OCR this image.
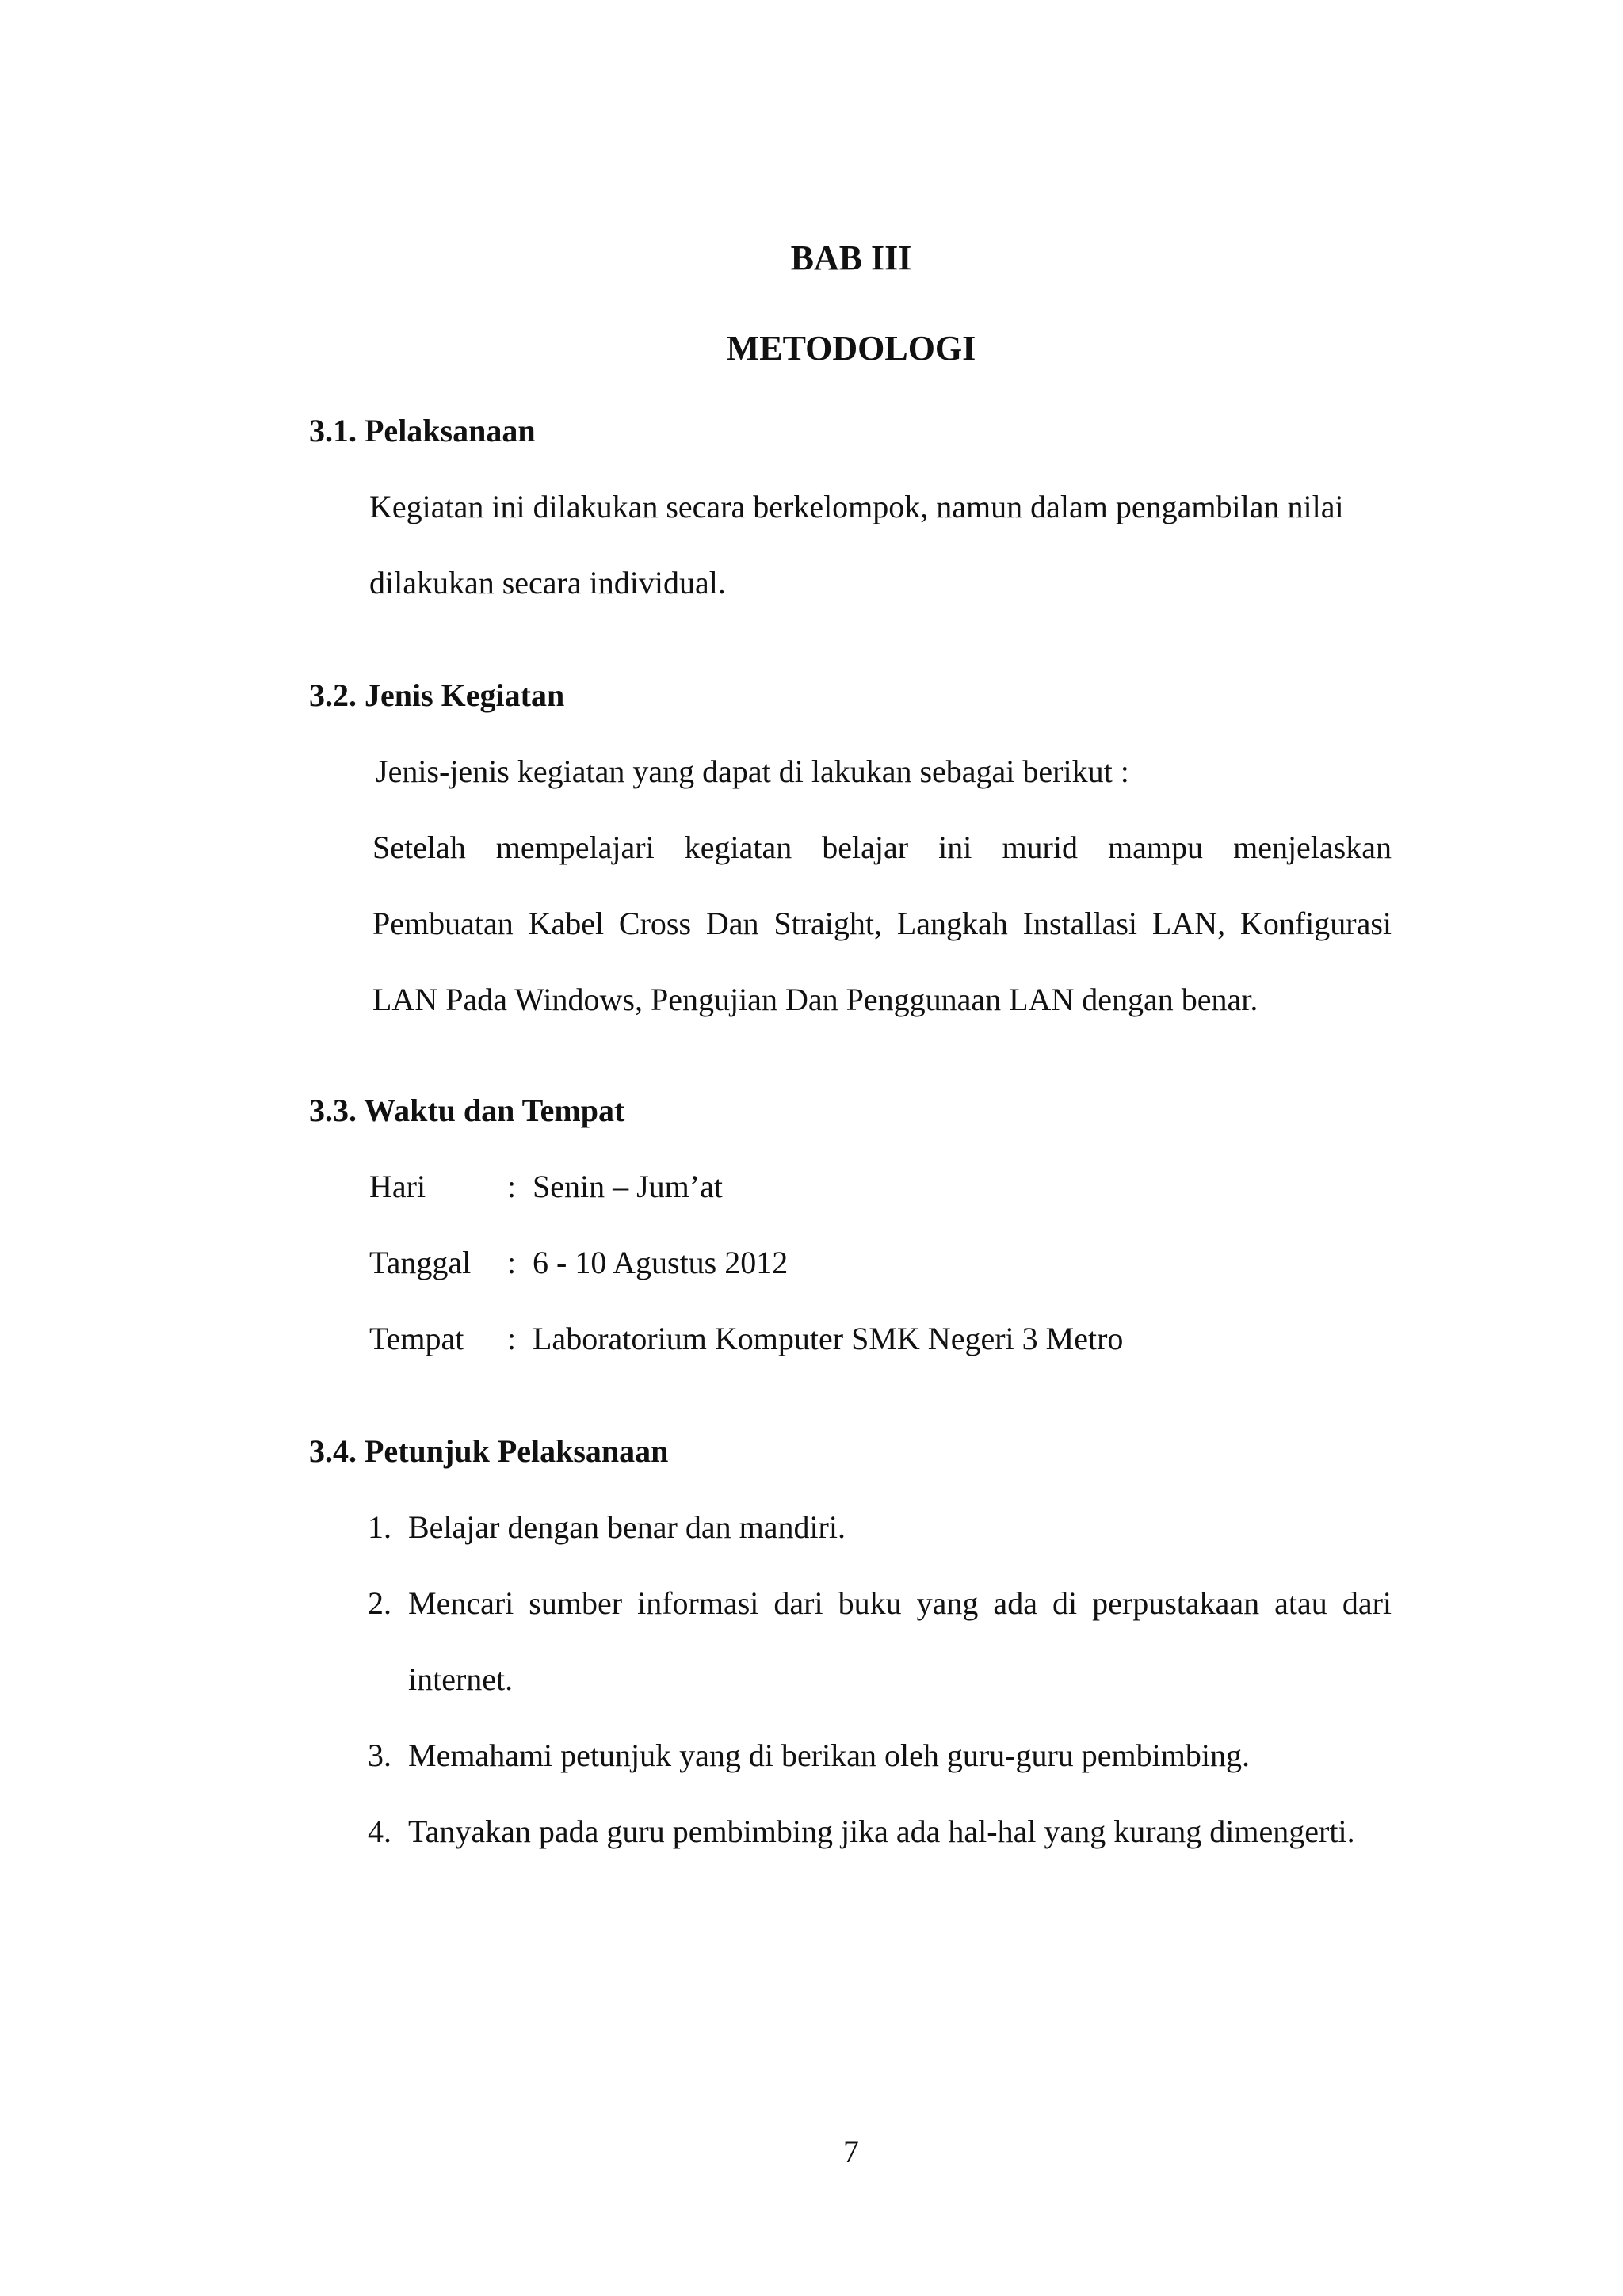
BAB III
METODOLOGI
3.1. Pelaksanaan
Kegiatan ini dilakukan secara berkelompok, namun dalam pengambilan nilai
dilakukan secara individual.
3.2. Jenis Kegiatan
Jenis-jenis kegiatan yang dapat di lakukan sebagai berikut :
Setelah mempelajari kegiatan belajar ini murid mampu menjelaskan
Pembuatan Kabel Cross Dan Straight, Langkah Installasi LAN, Konfigurasi
LAN Pada Windows, Pengujian Dan Penggunaan LAN dengan benar.
3.3. Waktu dan Tempat
Hari	: Senin – Jum’at
Tanggal : 6 - 10 Agustus 2012
Tempat : Laboratorium Komputer SMK Negeri 3 Metro
3.4. Petunjuk Pelaksanaan
1. Belajar dengan benar dan mandiri.
2. Mencari sumber informasi dari buku yang ada di perpustakaan atau dari
internet.
3. Memahami petunjuk yang di berikan oleh guru-guru pembimbing.
4. Tanyakan pada guru pembimbing jika ada hal-hal yang kurang dimengerti.
7
